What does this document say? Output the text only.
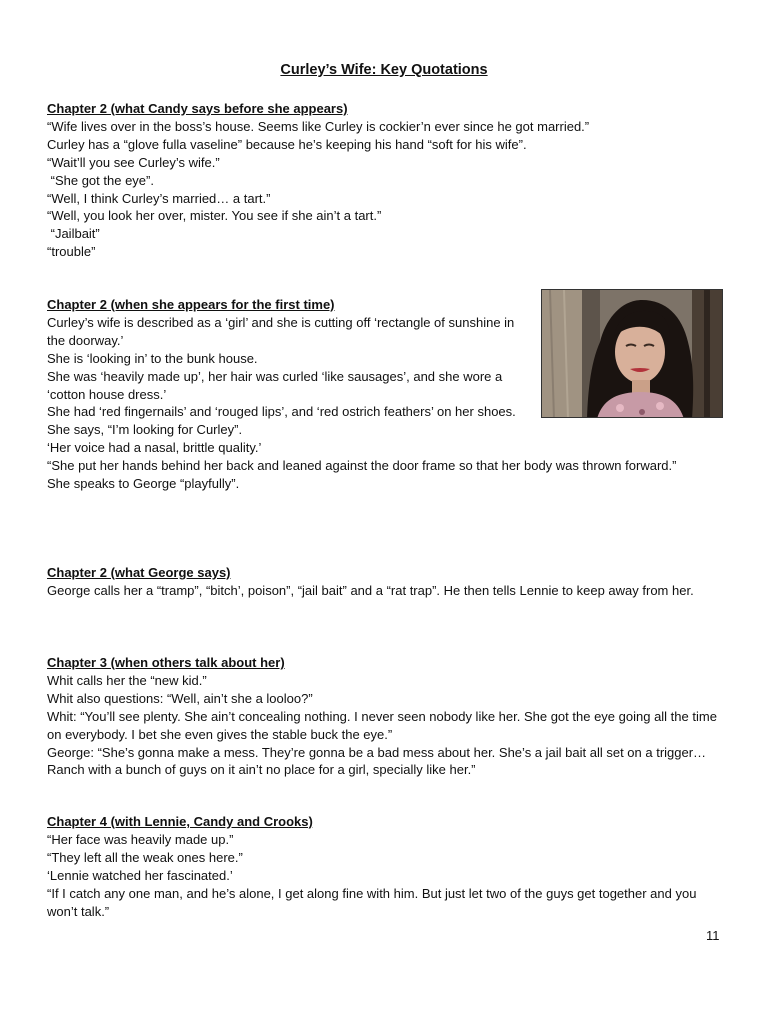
Curley’s Wife: Key Quotations
Chapter 2 (what Candy says before she appears)
“Wife lives over in the boss’s house. Seems like Curley is cockier’n ever since he got married.”
Curley has a “glove fulla vaseline” because he’s keeping his hand “soft for his wife”.
“Wait’ll you see Curley’s wife.”
“She got the eye”.
“Well, I think Curley’s married… a tart.”
“Well, you look her over, mister. You see if she ain’t a tart.”
“Jailbait”
“trouble”
Chapter 2 (when she appears for the first time)
Curley’s wife is described as a ‘girl’ and she is cutting off ‘rectangle of sunshine in the doorway.’
She is ‘looking in’ to the bunk house.
She was ‘heavily made up’, her hair was curled ‘like sausages’, and she wore a ‘cotton house dress.’
She had ‘red fingernails’ and ‘rouged lips’, and ‘red ostrich feathers’ on her shoes.
She says, “I’m looking for Curley”.
‘Her voice had a nasal, brittle quality.’
“She put her hands behind her back and leaned against the door frame so that her body was thrown forward.”
She speaks to George “playfully”.
Chapter 2 (what George says)
George calls her a “tramp”, “bitch’, poison”, “jail bait” and a “rat trap”. He then tells Lennie to keep away from her.
Chapter 3 (when others talk about her)
Whit calls her the “new kid.”
Whit also questions: “Well, ain’t she a looloo?”
Whit: “You’ll see plenty. She ain’t concealing nothing. I never seen nobody like her. She got the eye going all the time on everybody. I bet she even gives the stable buck the eye.”
George: “She’s gonna make a mess. They’re gonna be a bad mess about her. She’s a jail bait all set on a trigger… Ranch with a bunch of guys on it ain’t no place for a girl, specially like her.”
Chapter 4 (with Lennie, Candy and Crooks)
“Her face was heavily made up.”
“They left all the weak ones here.”
‘Lennie watched her fascinated.’
“If I catch any one man, and he’s alone, I get along fine with him. But just let two of the guys get together and you won’t talk.”
11
